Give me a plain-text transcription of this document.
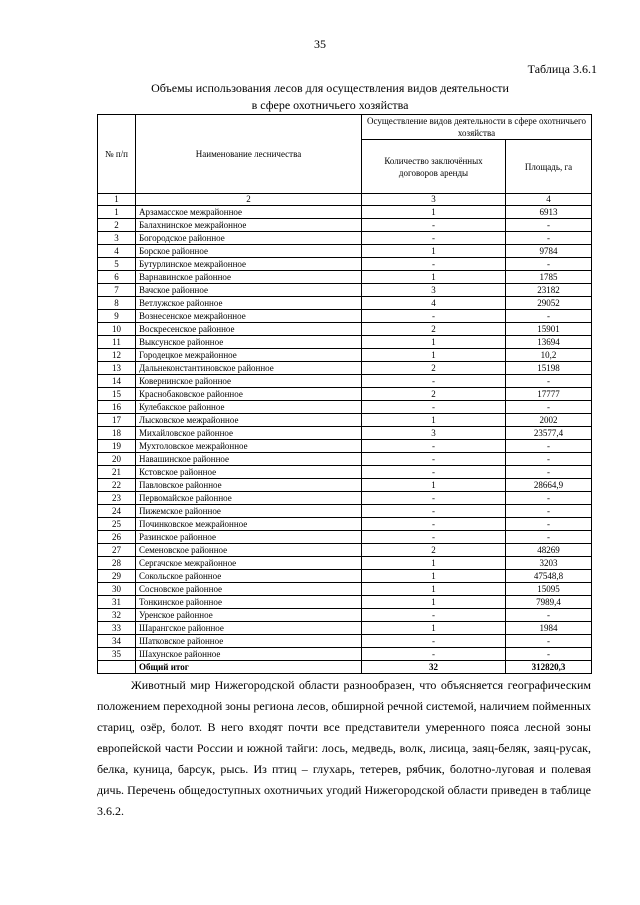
35
Таблица 3.6.1
Объемы использования лесов для осуществления видов деятельности
в сфере охотничьего хозяйства
№ п/п	Наименование лесничества	Осуществление видов деятельности в сфере охотничьего хозяйства	
		Количество заключённых договоров аренды	Площадь, га
1	2	3	4
1	Арзамасское межрайонное	1	6913
2	Балахнинское межрайонное	-	-
3	Богородское районное	-	-
4	Борское районное	1	9784
5	Бутурлинское межрайонное	-	-
6	Варнавинское районное	1	1785
7	Вачское районное	3	23182
8	Ветлужское районное	4	29052
9	Вознесенское межрайонное	-	-
10	Воскресенское районное	2	15901
11	Выксунское районное	1	13694
12	Городецкое межрайонное	1	10,2
13	Дальнеконстантиновское районное	2	15198
14	Ковернинское районное	-	-
15	Краснобаковское районное	2	17777
16	Кулебакское районное	-	-
17	Лысковское межрайонное	1	2002
18	Михайловское районное	3	23577,4
19	Мухтоловское межрайонное	-	-
20	Навашинское районное	-	-
21	Кстовское районное	-	-
22	Павловское районное	1	28664,9
23	Первомайское районное	-	-
24	Пижемское районное	-	-
25	Починковское межрайонное	-	-
26	Разинское районное	-	-
27	Семеновское районное	2	48269
28	Сергачское межрайонное	1	3203
29	Сокольское районное	1	47548,8
30	Сосновское районное	1	15095
31	Тонкинское районное	1	7989,4
32	Уренское районное	-	-
33	Шарангское районное	1	1984
34	Шатковское районное	-	-
35	Шахунское районное	-	-
	Общий итог	32	312820,3

Животный мир Нижегородской области разнообразен, что объясняется географическим положением переходной зоны региона лесов, обширной речной системой, наличием пойменных стариц, озёр, болот. В него входят почти все представители умеренного пояса лесной зоны европейской части России и южной тайги: лось, медведь, волк, лисица, заяц-беляк, заяц-русак, белка, куница, барсук, рысь. Из птиц – глухарь, тетерев, рябчик, болотно-луговая и полевая дичь. Перечень общедоступных охотничьих угодий Нижегородской области приведен в таблице 3.6.2.
